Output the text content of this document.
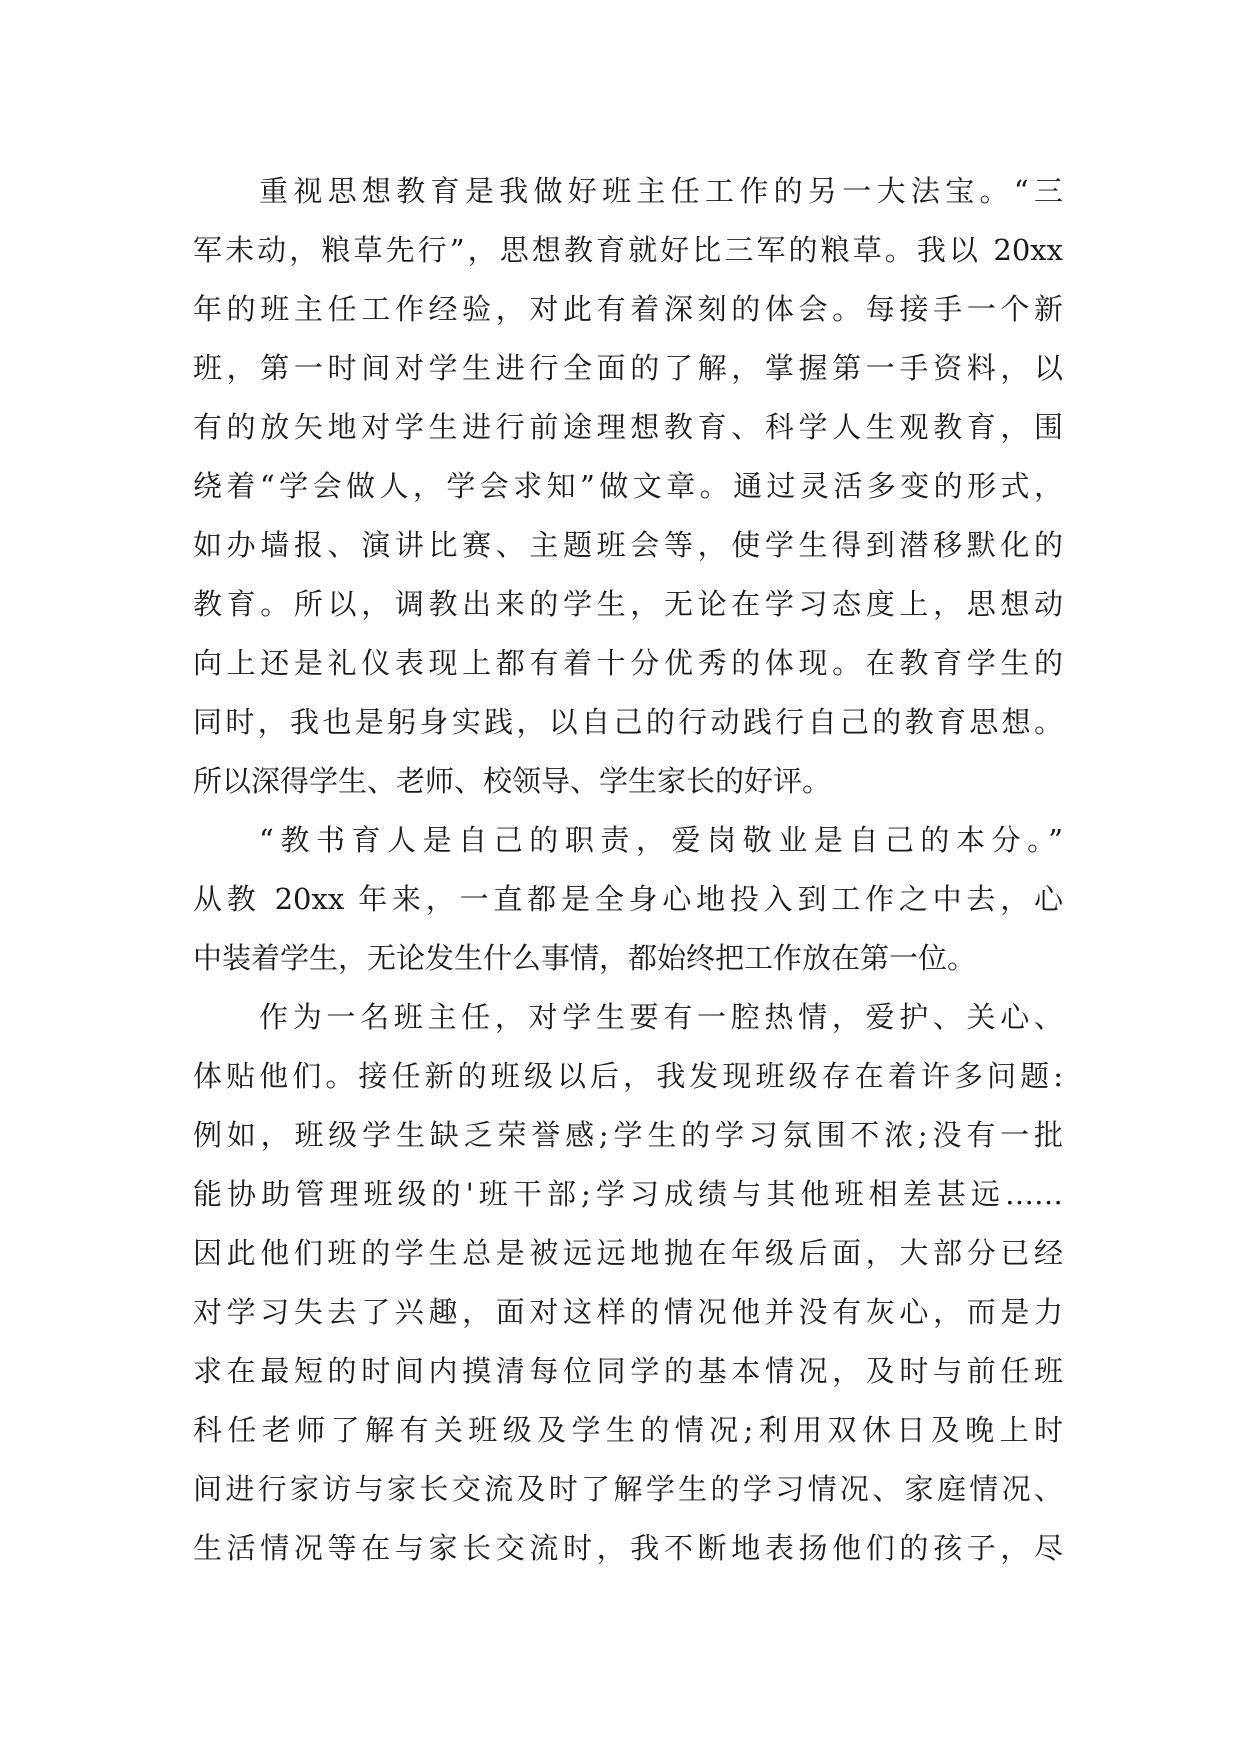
重视思想教育是我做好班主任工作的另一大法宝。“三
军未动，粮草先行”，思想教育就好比三军的粮草。我以 20xx
年的班主任工作经验，对此有着深刻的体会。每接手一个新
班，第一时间对学生进行全面的了解，掌握第一手资料，以
有的放矢地对学生进行前途理想教育、科学人生观教育，围
绕着“学会做人，学会求知”做文章。通过灵活多变的形式，
如办墙报、演讲比赛、主题班会等，使学生得到潜移默化的
教育。所以，调教出来的学生，无论在学习态度上，思想动
向上还是礼仪表现上都有着十分优秀的体现。在教育学生的
同时，我也是躬身实践，以自己的行动践行自己的教育思想。
所以深得学生、老师、校领导、学生家长的好评。
“教书育人是自己的职责，爱岗敬业是自己的本分。”
从教 20xx 年来，一直都是全身心地投入到工作之中去，心
中装着学生，无论发生什么事情，都始终把工作放在第一位。
作为一名班主任，对学生要有一腔热情，爱护、关心、
体贴他们。接任新的班级以后，我发现班级存在着许多问题:
例如，班级学生缺乏荣誉感;学生的学习氛围不浓;没有一批
能协助管理班级的'班干部;学习成绩与其他班相差甚远……
因此他们班的学生总是被远远地抛在年级后面，大部分已经
对学习失去了兴趣，面对这样的情况他并没有灰心，而是力
求在最短的时间内摸清每位同学的基本情况，及时与前任班
科任老师了解有关班级及学生的情况;利用双休日及晚上时
间进行家访与家长交流及时了解学生的学习情况、家庭情况、
生活情况等在与家长交流时，我不断地表扬他们的孩子，尽
